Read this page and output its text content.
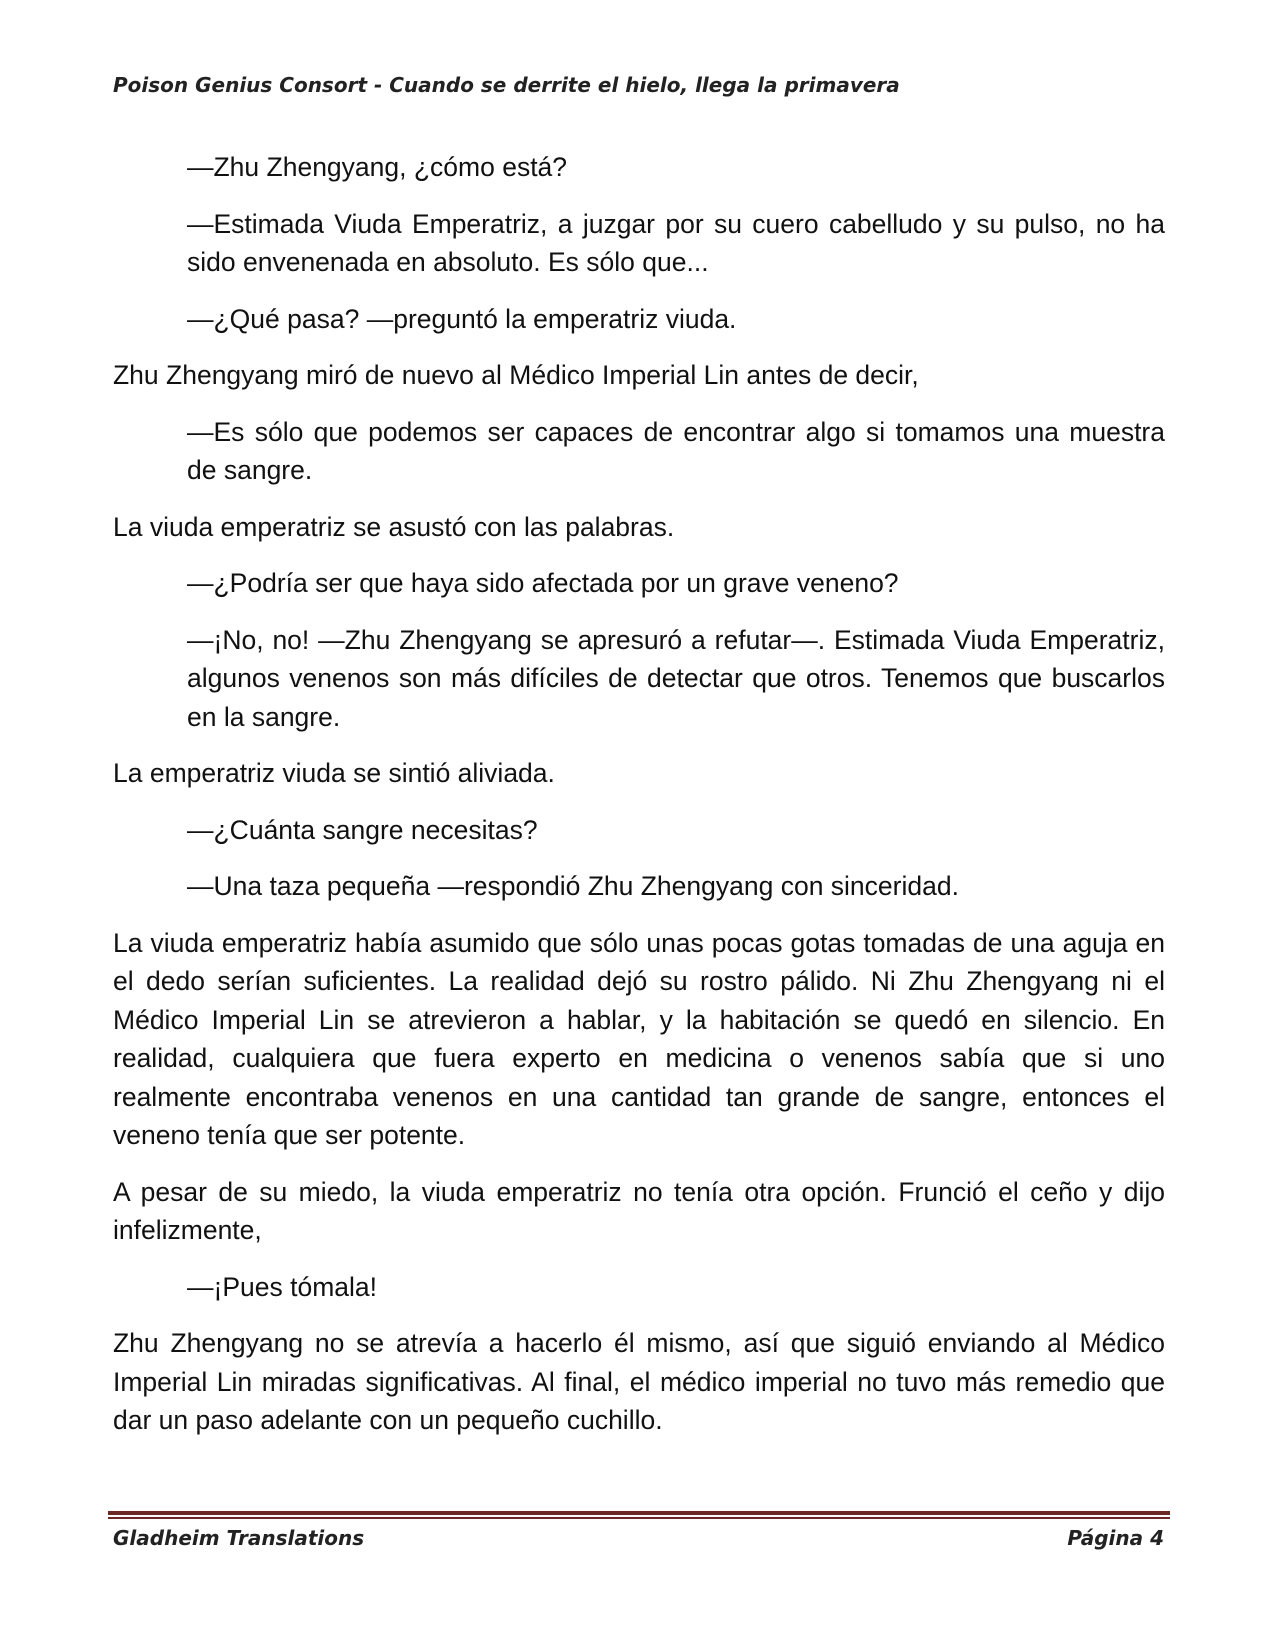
Poison Genius Consort - Cuando se derrite el hielo, llega la primavera

—Zhu Zhengyang, ¿cómo está?

—Estimada Viuda Emperatriz, a juzgar por su cuero cabelludo y su pulso, no ha sido envenenada en absoluto. Es sólo que...

—¿Qué pasa? —preguntó la emperatriz viuda.

Zhu Zhengyang miró de nuevo al Médico Imperial Lin antes de decir,

—Es sólo que podemos ser capaces de encontrar algo si tomamos una muestra de sangre.

La viuda emperatriz se asustó con las palabras.

—¿Podría ser que haya sido afectada por un grave veneno?

—¡No, no! —Zhu Zhengyang se apresuró a refutar—. Estimada Viuda Emperatriz, algunos venenos son más difíciles de detectar que otros. Tenemos que buscarlos en la sangre.

La emperatriz viuda se sintió aliviada.

—¿Cuánta sangre necesitas?

—Una taza pequeña —respondió Zhu Zhengyang con sinceridad.

La viuda emperatriz había asumido que sólo unas pocas gotas tomadas de una aguja en el dedo serían suficientes. La realidad dejó su rostro pálido. Ni Zhu Zhengyang ni el Médico Imperial Lin se atrevieron a hablar, y la habitación se quedó en silencio. En realidad, cualquiera que fuera experto en medicina o venenos sabía que si uno realmente encontraba venenos en una cantidad tan grande de sangre, entonces el veneno tenía que ser potente.

A pesar de su miedo, la viuda emperatriz no tenía otra opción. Frunció el ceño y dijo infelizmente,

—¡Pues tómala!

Zhu Zhengyang no se atrevía a hacerlo él mismo, así que siguió enviando al Médico Imperial Lin miradas significativas. Al final, el médico imperial no tuvo más remedio que dar un paso adelante con un pequeño cuchillo.

Gladheim Translations	Página 4
